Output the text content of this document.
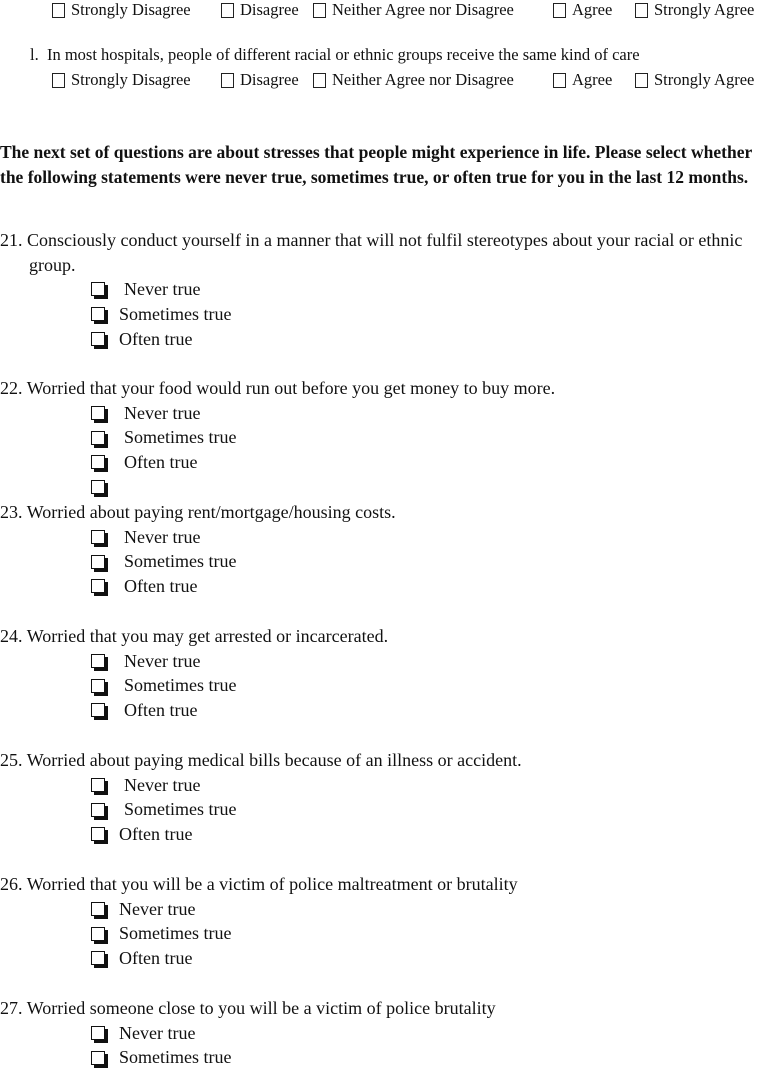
Strongly Disagree	Disagree Neither Agree nor Disagree	Agree	Strongly Agree
l. In most hospitals, people of different racial or ethnic groups receive the same kind of care
Strongly Disagree	Disagree Neither Agree nor Disagree	Agree	Strongly Agree
The next set of questions are about stresses that people might experience in life. Please select whether the following statements were never true, sometimes true, or often true for you in the last 12 months.
21. Consciously conduct yourself in a manner that will not fulfil stereotypes about your racial or ethnic group.
Never true
Sometimes true
Often true
22. Worried that your food would run out before you get money to buy more.
Never true
Sometimes true
Often true
23. Worried about paying rent/mortgage/housing costs.
Never true
Sometimes true
Often true
24. Worried that you may get arrested or incarcerated.
Never true
Sometimes true
Often true
25. Worried about paying medical bills because of an illness or accident.
Never true
Sometimes true
Often true
26. Worried that you will be a victim of police maltreatment or brutality
Never true
Sometimes true
Often true
27. Worried someone close to you will be a victim of police brutality
Never true
Sometimes true
